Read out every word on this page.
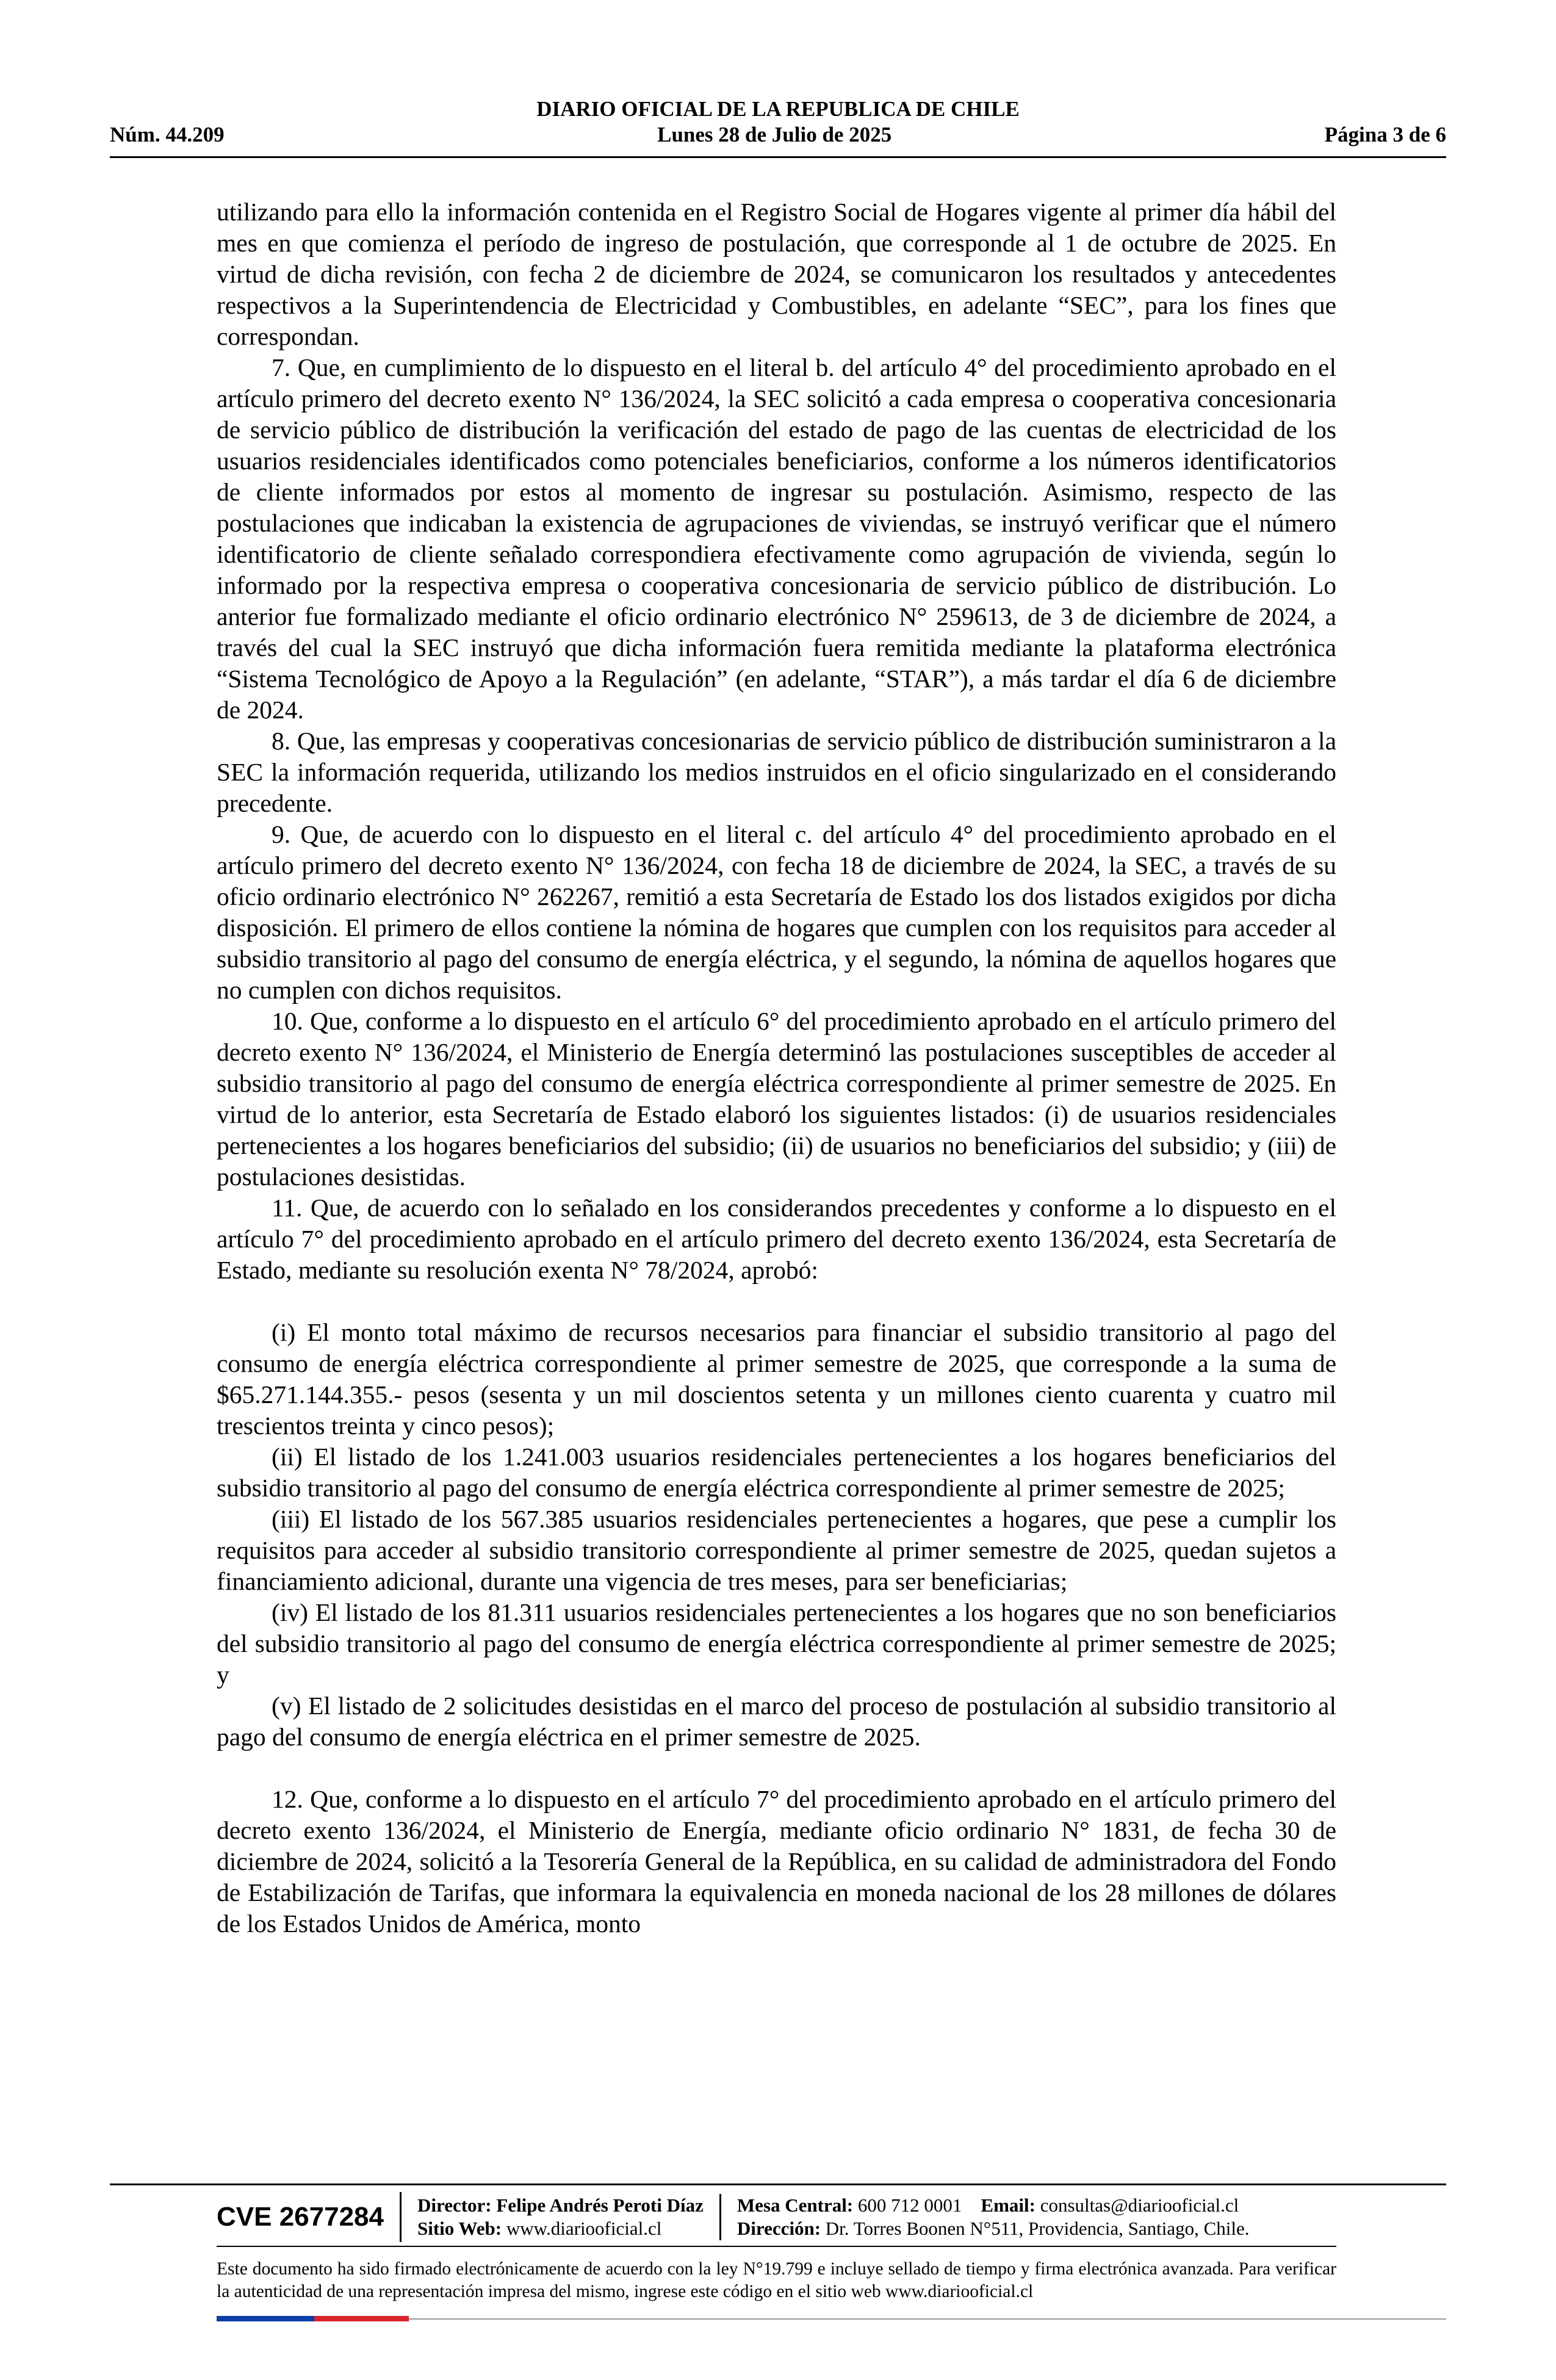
DIARIO OFICIAL DE LA REPUBLICA DE CHILE
Núm. 44.209	Lunes 28 de Julio de 2025	Página 3 de 6

utilizando para ello la información contenida en el Registro Social de Hogares vigente al primer día hábil del mes en que comienza el período de ingreso de postulación, que corresponde al 1 de octubre de 2025. En virtud de dicha revisión, con fecha 2 de diciembre de 2024, se comunicaron los resultados y antecedentes respectivos a la Superintendencia de Electricidad y Combustibles, en adelante “SEC”, para los fines que correspondan.

7. Que, en cumplimiento de lo dispuesto en el literal b. del artículo 4° del procedimiento aprobado en el artículo primero del decreto exento N° 136/2024, la SEC solicitó a cada empresa o cooperativa concesionaria de servicio público de distribución la verificación del estado de pago de las cuentas de electricidad de los usuarios residenciales identificados como potenciales beneficiarios, conforme a los números identificatorios de cliente informados por estos al momento de ingresar su postulación. Asimismo, respecto de las postulaciones que indicaban la existencia de agrupaciones de viviendas, se instruyó verificar que el número identificatorio de cliente señalado correspondiera efectivamente como agrupación de vivienda, según lo informado por la respectiva empresa o cooperativa concesionaria de servicio público de distribución. Lo anterior fue formalizado mediante el oficio ordinario electrónico N° 259613, de 3 de diciembre de 2024, a través del cual la SEC instruyó que dicha información fuera remitida mediante la plataforma electrónica “Sistema Tecnológico de Apoyo a la Regulación” (en adelante, “STAR”), a más tardar el día 6 de diciembre de 2024.

8. Que, las empresas y cooperativas concesionarias de servicio público de distribución suministraron a la SEC la información requerida, utilizando los medios instruidos en el oficio singularizado en el considerando precedente.

9. Que, de acuerdo con lo dispuesto en el literal c. del artículo 4° del procedimiento aprobado en el artículo primero del decreto exento N° 136/2024, con fecha 18 de diciembre de 2024, la SEC, a través de su oficio ordinario electrónico N° 262267, remitió a esta Secretaría de Estado los dos listados exigidos por dicha disposición. El primero de ellos contiene la nómina de hogares que cumplen con los requisitos para acceder al subsidio transitorio al pago del consumo de energía eléctrica, y el segundo, la nómina de aquellos hogares que no cumplen con dichos requisitos.

10. Que, conforme a lo dispuesto en el artículo 6° del procedimiento aprobado en el artículo primero del decreto exento N° 136/2024, el Ministerio de Energía determinó las postulaciones susceptibles de acceder al subsidio transitorio al pago del consumo de energía eléctrica correspondiente al primer semestre de 2025. En virtud de lo anterior, esta Secretaría de Estado elaboró los siguientes listados: (i) de usuarios residenciales pertenecientes a los hogares beneficiarios del subsidio; (ii) de usuarios no beneficiarios del subsidio; y (iii) de postulaciones desistidas.

11. Que, de acuerdo con lo señalado en los considerandos precedentes y conforme a lo dispuesto en el artículo 7° del procedimiento aprobado en el artículo primero del decreto exento 136/2024, esta Secretaría de Estado, mediante su resolución exenta N° 78/2024, aprobó:

(i) El monto total máximo de recursos necesarios para financiar el subsidio transitorio al pago del consumo de energía eléctrica correspondiente al primer semestre de 2025, que corresponde a la suma de $65.271.144.355.- pesos (sesenta y un mil doscientos setenta y un millones ciento cuarenta y cuatro mil trescientos treinta y cinco pesos);

(ii) El listado de los 1.241.003 usuarios residenciales pertenecientes a los hogares beneficiarios del subsidio transitorio al pago del consumo de energía eléctrica correspondiente al primer semestre de 2025;

(iii) El listado de los 567.385 usuarios residenciales pertenecientes a hogares, que pese a cumplir los requisitos para acceder al subsidio transitorio correspondiente al primer semestre de 2025, quedan sujetos a financiamiento adicional, durante una vigencia de tres meses, para ser beneficiarias;

(iv) El listado de los 81.311 usuarios residenciales pertenecientes a los hogares que no son beneficiarios del subsidio transitorio al pago del consumo de energía eléctrica correspondiente al primer semestre de 2025; y

(v) El listado de 2 solicitudes desistidas en el marco del proceso de postulación al subsidio transitorio al pago del consumo de energía eléctrica en el primer semestre de 2025.

12. Que, conforme a lo dispuesto en el artículo 7° del procedimiento aprobado en el artículo primero del decreto exento 136/2024, el Ministerio de Energía, mediante oficio ordinario N° 1831, de fecha 30 de diciembre de 2024, solicitó a la Tesorería General de la República, en su calidad de administradora del Fondo de Estabilización de Tarifas, que informara la equivalencia en moneda nacional de los 28 millones de dólares de los Estados Unidos de América, monto

CVE 2677284	Director: Felipe Andrés Peroti Díaz
Sitio Web: www.diariooficial.cl
Mesa Central: 600 712 0001 Email: consultas@diariooficial.cl
Dirección: Dr. Torres Boonen N°511, Providencia, Santiago, Chile.
Este documento ha sido firmado electrónicamente de acuerdo con la ley N°19.799 e incluye sellado de tiempo y firma electrónica avanzada. Para verificar la autenticidad de una representación impresa del mismo, ingrese este código en el sitio web www.diariooficial.cl
